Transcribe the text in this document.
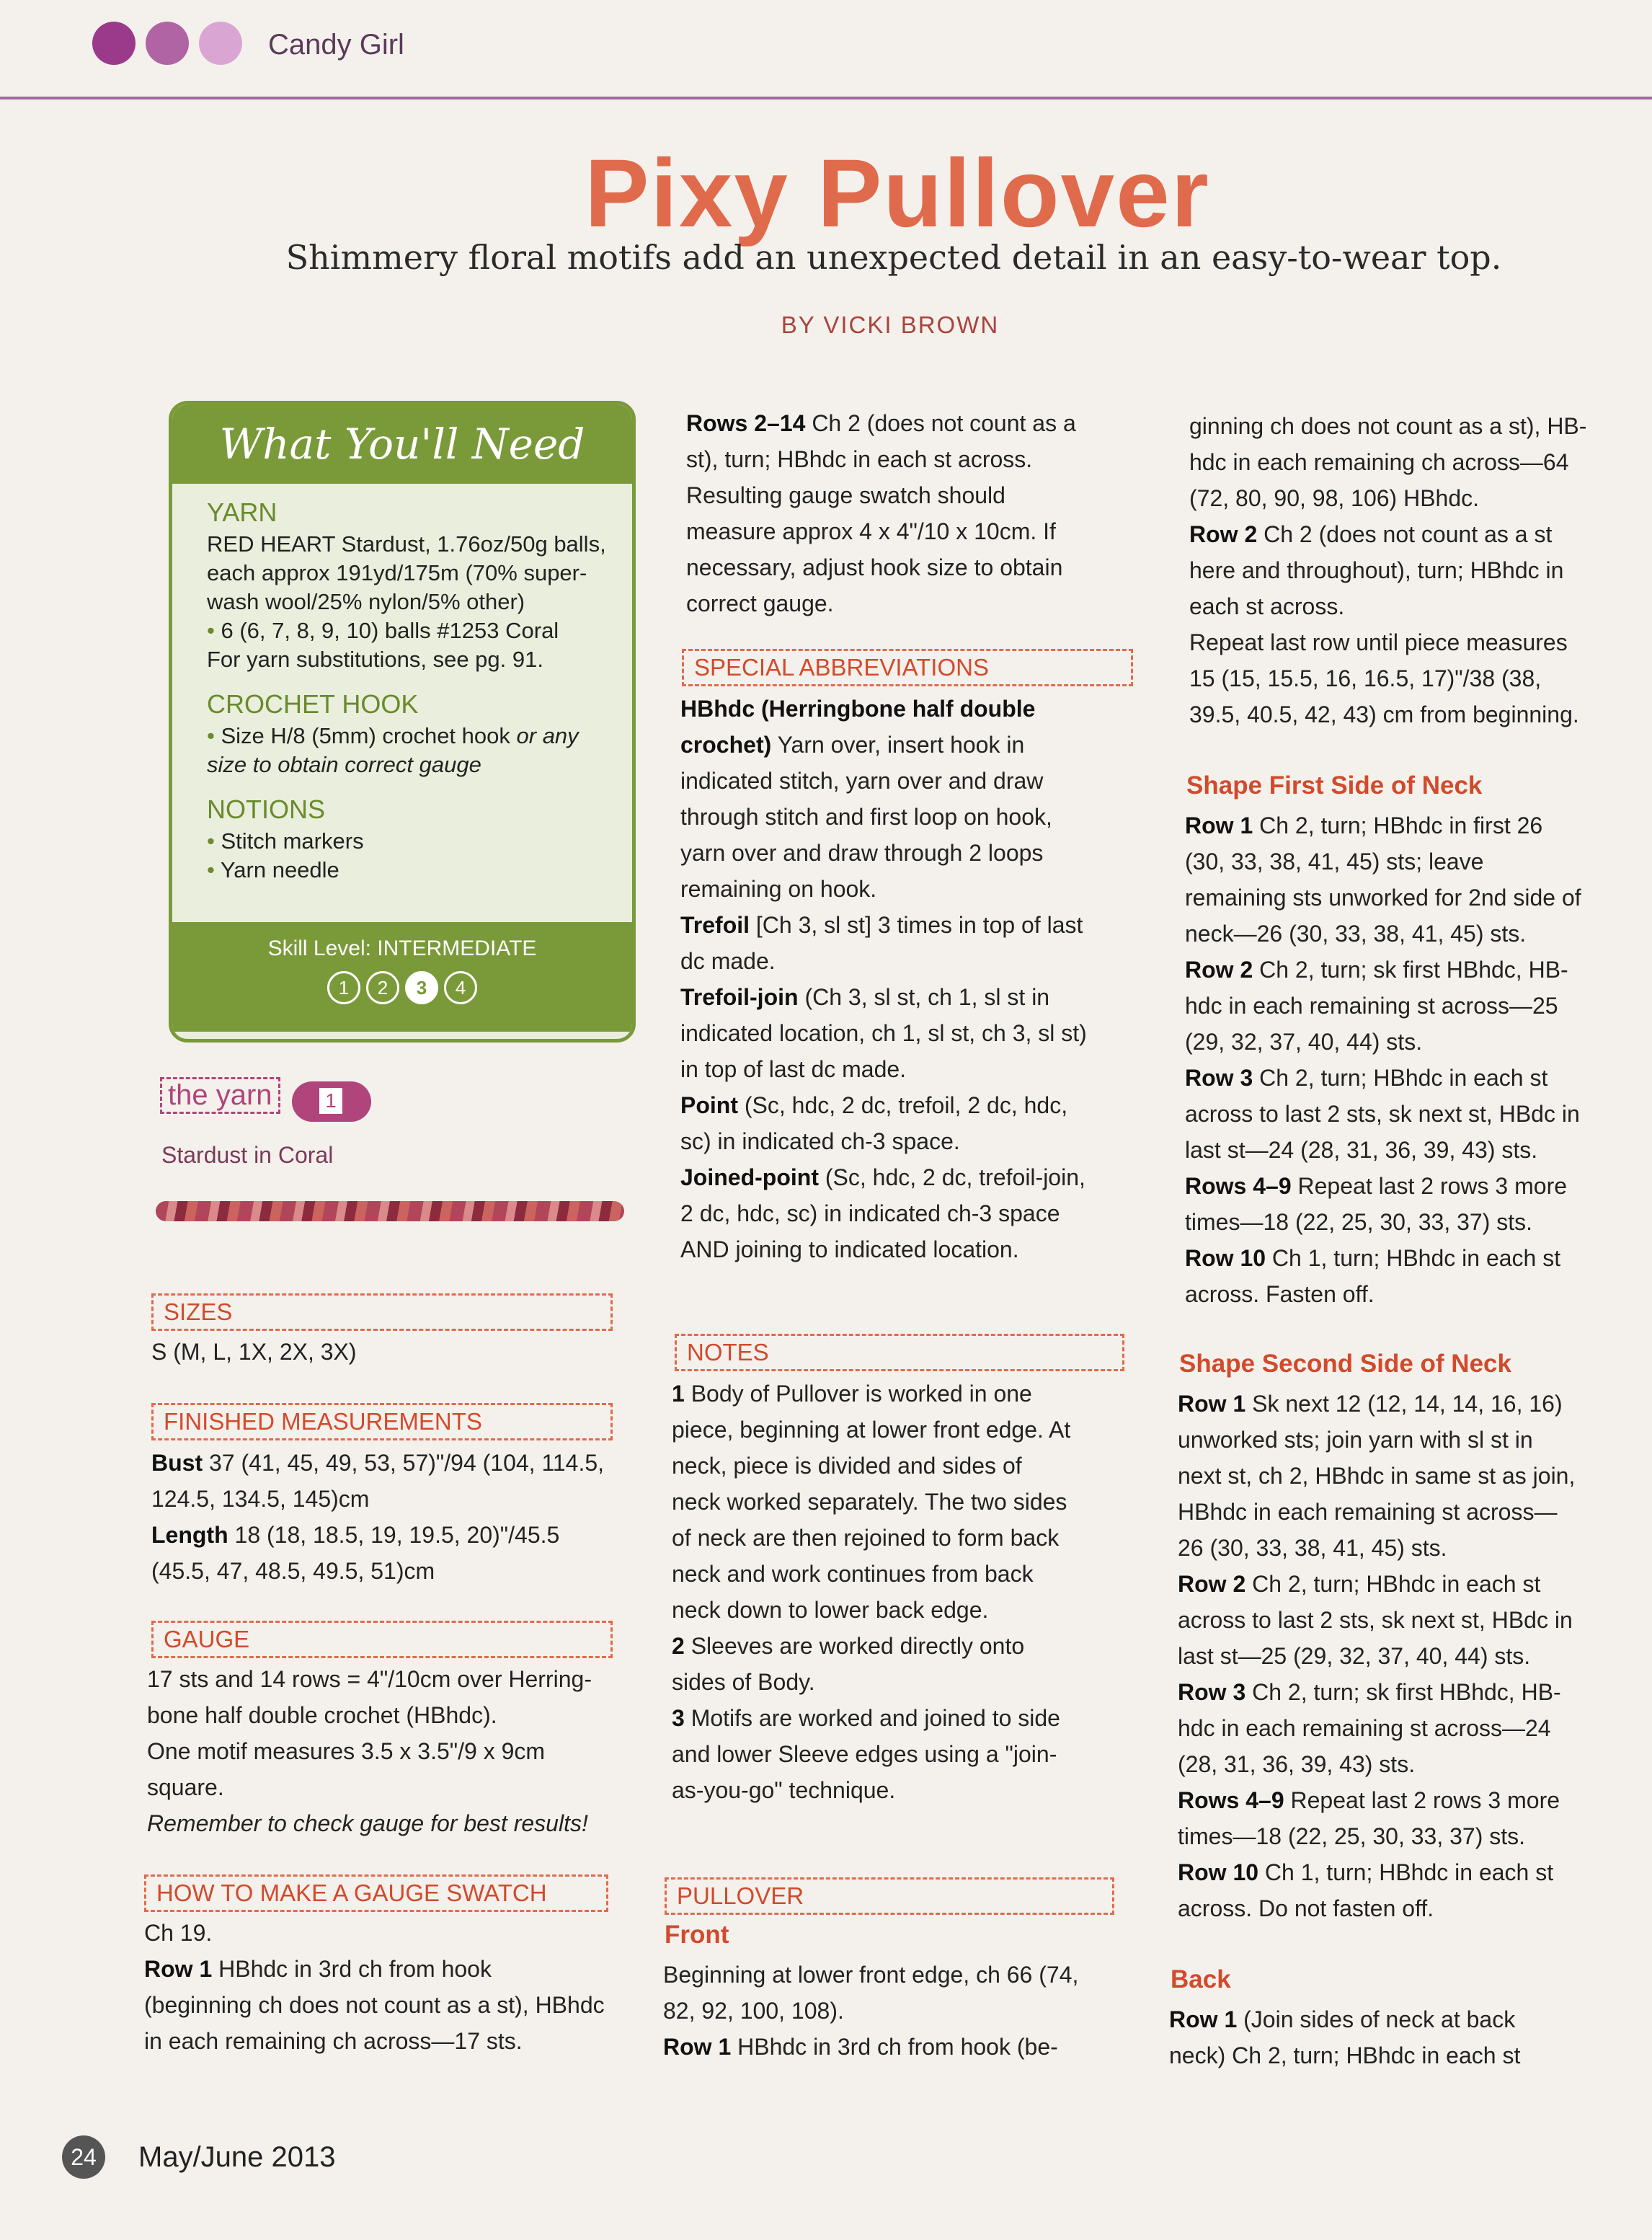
Candy Girl
Pixy Pullover
Shimmery floral motifs add an unexpected detail in an easy-to-wear top.
BY VICKI BROWN
What You'll Need
YARN
RED HEART Stardust, 1.76oz/50g balls, each approx 191yd/175m (70% super-wash wool/25% nylon/5% other)
• 6 (6, 7, 8, 9, 10) balls #1253 Coral
For yarn substitutions, see pg. 91.
CROCHET HOOK
• Size H/8 (5mm) crochet hook or any size to obtain correct gauge
NOTIONS
• Stitch markers
• Yarn needle
Skill Level: INTERMEDIATE
1	2	3	4
the yarn	1
Stardust in Coral
SIZES
S (M, L, 1X, 2X, 3X)
FINISHED MEASUREMENTS
Bust 37 (41, 45, 49, 53, 57)"/94 (104, 114.5, 124.5, 134.5, 145)cm
Length 18 (18, 18.5, 19, 19.5, 20)"/45.5 (45.5, 47, 48.5, 49.5, 51)cm
GAUGE
17 sts and 14 rows = 4"/10cm over Herring-bone half double crochet (HBhdc).
One motif measures 3.5 x 3.5"/9 x 9cm square.
Remember to check gauge for best results!
HOW TO MAKE A GAUGE SWATCH
Ch 19.
Row 1 HBhdc in 3rd ch from hook (beginning ch does not count as a st), HBhdc in each remaining ch across—17 sts.
Rows 2–14 Ch 2 (does not count as a st), turn; HBhdc in each st across. Resulting gauge swatch should measure approx 4 x 4"/10 x 10cm. If necessary, adjust hook size to obtain correct gauge.
SPECIAL ABBREVIATIONS
HBhdc (Herringbone half double crochet) Yarn over, insert hook in indicated stitch, yarn over and draw through stitch and first loop on hook, yarn over and draw through 2 loops remaining on hook.
Trefoil [Ch 3, sl st] 3 times in top of last dc made.
Trefoil-join (Ch 3, sl st, ch 1, sl st in indicated location, ch 1, sl st, ch 3, sl st) in top of last dc made.
Point (Sc, hdc, 2 dc, trefoil, 2 dc, hdc, sc) in indicated ch-3 space.
Joined-point (Sc, hdc, 2 dc, trefoil-join, 2 dc, hdc, sc) in indicated ch-3 space AND joining to indicated location.
NOTES
1 Body of Pullover is worked in one piece, beginning at lower front edge. At neck, piece is divided and sides of neck worked separately. The two sides of neck are then rejoined to form back neck and work continues from back neck down to lower back edge.
2 Sleeves are worked directly onto sides of Body.
3 Motifs are worked and joined to side and lower Sleeve edges using a "join-as-you-go" technique.
PULLOVER
Front
Beginning at lower front edge, ch 66 (74, 82, 92, 100, 108).
Row 1 HBhdc in 3rd ch from hook (be-
ginning ch does not count as a st), HB-hdc in each remaining ch across—64 (72, 80, 90, 98, 106) HBhdc.
Row 2 Ch 2 (does not count as a st here and throughout), turn; HBhdc in each st across.
Repeat last row until piece measures 15 (15, 15.5, 16, 16.5, 17)"/38 (38, 39.5, 40.5, 42, 43) cm from beginning.
Shape First Side of Neck
Row 1 Ch 2, turn; HBhdc in first 26 (30, 33, 38, 41, 45) sts; leave remaining sts unworked for 2nd side of neck—26 (30, 33, 38, 41, 45) sts.
Row 2 Ch 2, turn; sk first HBhdc, HB-hdc in each remaining st across—25 (29, 32, 37, 40, 44) sts.
Row 3 Ch 2, turn; HBhdc in each st across to last 2 sts, sk next st, HBdc in last st—24 (28, 31, 36, 39, 43) sts.
Rows 4–9 Repeat last 2 rows 3 more times—18 (22, 25, 30, 33, 37) sts.
Row 10 Ch 1, turn; HBhdc in each st across. Fasten off.
Shape Second Side of Neck
Row 1 Sk next 12 (12, 14, 14, 16, 16) unworked sts; join yarn with sl st in next st, ch 2, HBhdc in same st as join, HBhdc in each remaining st across—26 (30, 33, 38, 41, 45) sts.
Row 2 Ch 2, turn; HBhdc in each st across to last 2 sts, sk next st, HBdc in last st—25 (29, 32, 37, 40, 44) sts.
Row 3 Ch 2, turn; sk first HBhdc, HB-hdc in each remaining st across—24 (28, 31, 36, 39, 43) sts.
Rows 4–9 Repeat last 2 rows 3 more times—18 (22, 25, 30, 33, 37) sts.
Row 10 Ch 1, turn; HBhdc in each st across. Do not fasten off.
Back
Row 1 (Join sides of neck at back neck) Ch 2, turn; HBhdc in each st
24	May/June 2013
